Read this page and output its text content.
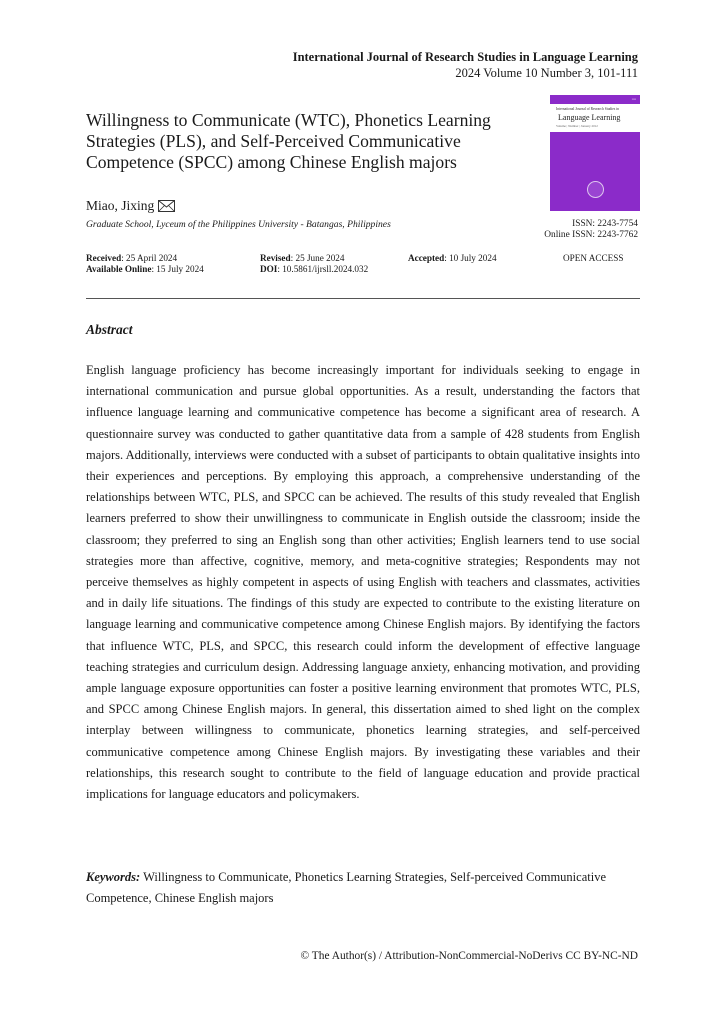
International Journal of Research Studies in Language Learning
2024 Volume 10 Number 3, 101-111
Willingness to Communicate (WTC), Phonetics Learning Strategies (PLS), and Self-Perceived Communicative Competence (SPCC) among Chinese English majors
Miao, Jixing
Graduate School, Lyceum of the Philippines University - Batangas, Philippines
▪▪▪▪
International Journal of Research Studies in
Language Learning
Volume | Number | January 2012
ISSN: 2243-7754
Online ISSN: 2243-7762
Received: 25 April 2024	Revised: 25 June 2024	Accepted: 10 July 2024	OPEN ACCESS
Available Online: 15 July 2024	DOI: 10.5861/ijrsll.2024.032
Abstract
English language proficiency has become increasingly important for individuals seeking to engage in international communication and pursue global opportunities. As a result, understanding the factors that influence language learning and communicative competence has become a significant area of research. A questionnaire survey was conducted to gather quantitative data from a sample of 428 students from English majors. Additionally, interviews were conducted with a subset of participants to obtain qualitative insights into their experiences and perceptions. By employing this approach, a comprehensive understanding of the relationships between WTC, PLS, and SPCC can be achieved. The results of this study revealed that English learners preferred to show their unwillingness to communicate in English outside the classroom; inside the classroom; they preferred to sing an English song than other activities; English learners tend to use social strategies more than affective, cognitive, memory, and meta-cognitive strategies; Respondents may not perceive themselves as highly competent in aspects of using English with teachers and classmates, activities and in daily life situations. The findings of this study are expected to contribute to the existing literature on language learning and communicative competence among Chinese English majors. By identifying the factors that influence WTC, PLS, and SPCC, this research could inform the development of effective language teaching strategies and curriculum design. Addressing language anxiety, enhancing motivation, and providing ample language exposure opportunities can foster a positive learning environment that promotes WTC, PLS, and SPCC among Chinese English majors. In general, this dissertation aimed to shed light on the complex interplay between willingness to communicate, phonetics learning strategies, and self-perceived communicative competence among Chinese English majors. By investigating these variables and their relationships, this research sought to contribute to the field of language education and provide practical implications for language educators and policymakers.
Keywords: Willingness to Communicate, Phonetics Learning Strategies, Self-perceived Communicative Competence, Chinese English majors
© The Author(s) / Attribution-NonCommercial-NoDerivs CC BY-NC-ND
